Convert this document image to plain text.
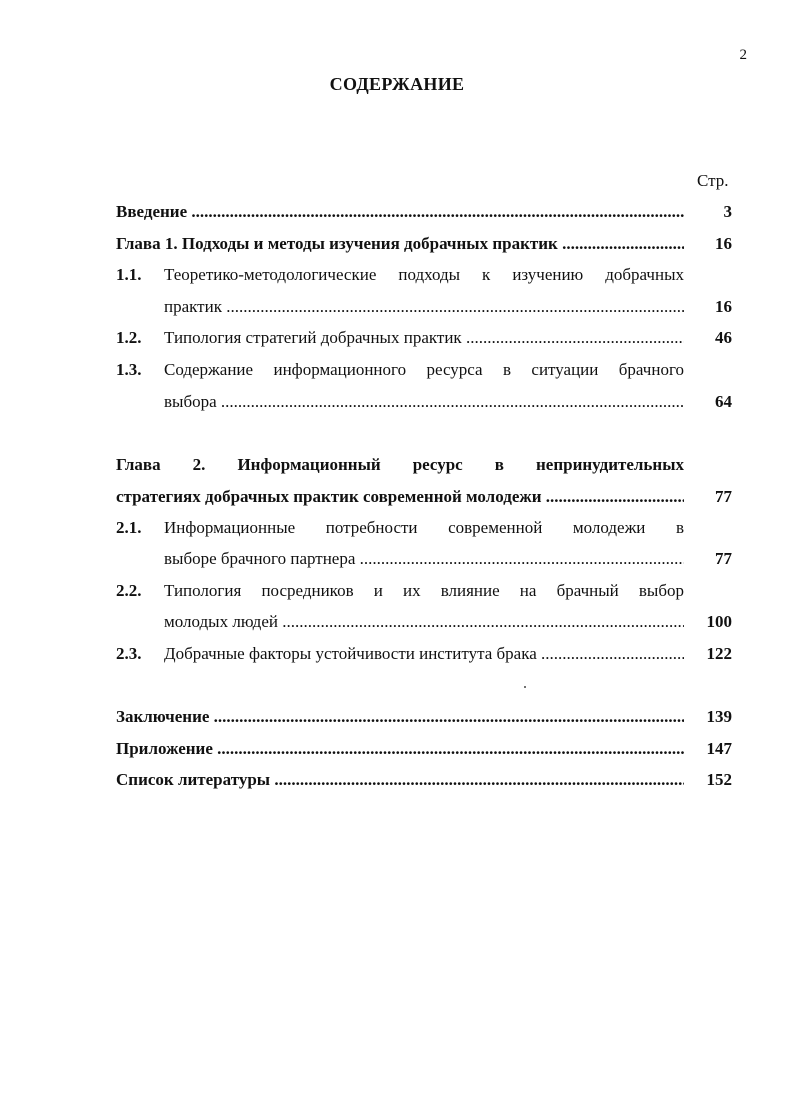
2
СОДЕРЖАНИЕ
Стр.
Введение .....	3
Глава 1. Подходы и методы изучения добрачных практик .....	16
1.1. Теоретико-методологические подходы к изучению добрачных
практик .....	16
1.2. Типология стратегий добрачных практик .....	46
1.3. Содержание информационного ресурса в ситуации брачного
выбора .....	64
Глава 2. Информационный ресурс в непринудительных
стратегиях добрачных практик современной молодежи .....	77
2.1. Информационные потребности современной молодежи в
выборе брачного партнера .....	77
2.2. Типология посредников и их влияние на брачный выбор
молодых людей .....	100
2.3. Добрачные факторы устойчивости института брака .....	122
Заключение .....	139
Приложение .....	147
Список литературы .....	152
